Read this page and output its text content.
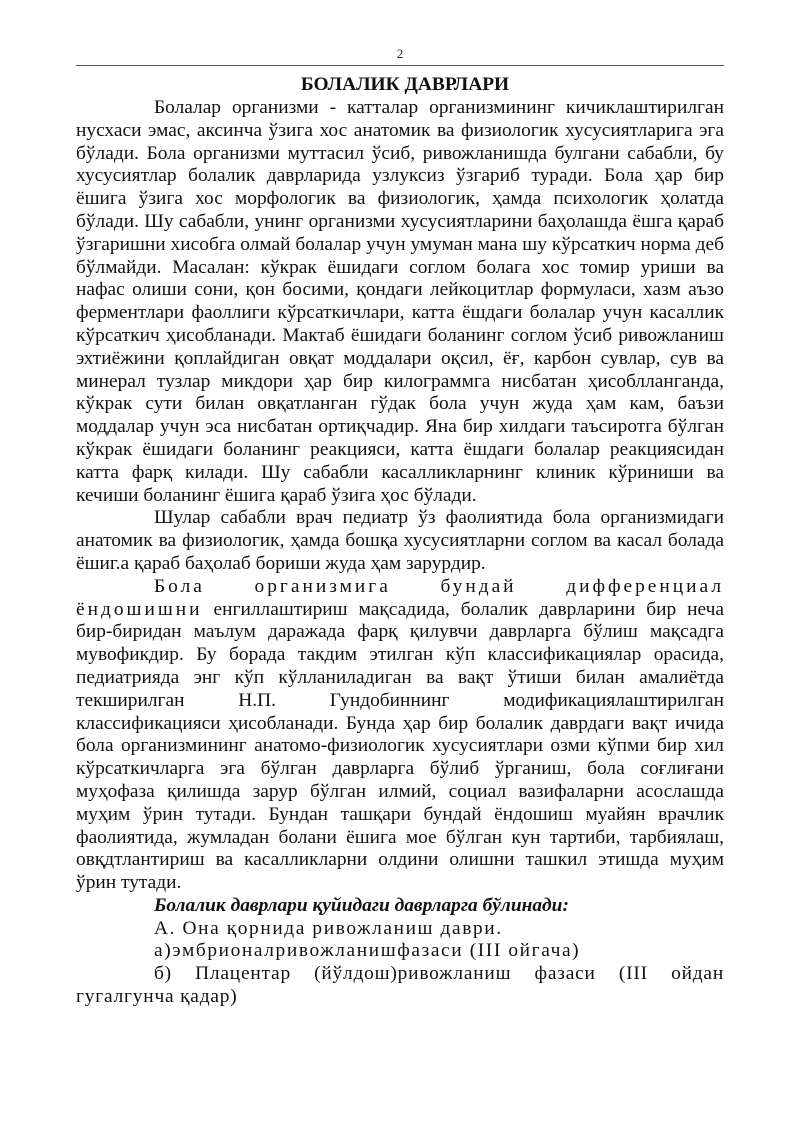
2
БОЛАЛИК ДАВРЛАРИ

Болалар организми - катталар организмининг кичиклаштирилган нусхаси эмас, аксинча ўзига хос анатомик ва физиологик хусусиятларига эга бўлади. Бола организми муттасил ўсиб, ривожланишда булгани сабабли, бу хусусиятлар болалик даврларида узлуксиз ўзгариб туради. Бола ҳар бир ёшига ўзига хос морфологик ва физиологик, ҳамда психологик ҳолатда бўлади. Шу сабабли, унинг организми хусусиятларини баҳолашда ёшга қараб ўзгаришни хисобга олмай болалар учун умуман мана шу кўрсаткич норма деб бўлмайди. Масалан: кўкрак ёшидаги соглом болага хос томир уриши ва нафас олиши сони, қон босими, қондаги лейкоцитлар формуласи, хазм аъзо ферментлари фаоллиги кўрсаткичлари, катта ёшдаги болалар учун касаллик кўрсаткич ҳисобланади. Мактаб ёшидаги боланинг соглом ўсиб ривожланиш эхтиёжини қоплайдиган овқат моддалари оқсил, ёғ, карбон сувлар, сув ва минерал тузлар микдори ҳар бир килограммга нисбатан ҳисоблланганда, кўкрак сути билан овқатланган гўдак бола учун жуда ҳам кам, баъзи моддалар учун эса нисбатан ортиқчадир. Яна бир хилдаги таъсиротга бўлган кўкрак ёшидаги боланинг реакцияси, катта ёшдаги болалар реакциясидан катта фарқ килади. Шу сабабли касалликларнинг клиник кўриниши ва кечиши боланинг ёшига қараб ўзига ҳос бўлади.

Шулар сабабли врач педиатр ўз фаолиятида бола организмидаги анатомик ва физиологик, ҳамда бошқа хусусиятларни соглом ва касал болада ёшиг.а қараб баҳолаб бориши жуда ҳам зарурдир.

Бола организмига бундай дифференциал ёндошишни енгиллаштириш мақсадида, болалик даврларини бир неча бир-биридан маълум даражада фарқ қилувчи даврларга бўлиш мақсадга мувофикдир. Бу борада такдим этилган кўп классификациялар орасида, педиатрияда энг кўп кўлланиладиган ва вақт ўтиши билан амалиётда текширилган Н.П. Гундобиннинг модификациялаштирилган классификацияси ҳисобланади. Бунда ҳар бир болалик даврдаги вақт ичида бола организмининг анатомо-физиологик хусусиятлари озми кўпми бир хил кўрсаткичларга эга бўлган даврларга бўлиб ўрганиш, бола соғлиғани муҳофаза қилишда зарур бўлган илмий, социал вазифаларни асослашда муҳим ўрин тутади. Бундан ташқари бундай ёндошиш муайян врачлик фаолиятида, жумладан болани ёшига мое бўлган кун тартиби, тарбиялаш, овқдтлантириш ва касалликларни олдини олишни ташкил этишда муҳим ўрин тутади.

Болалик даврлари қуйидаги даврларга бўлинади:

А. Она қорнида ривожланиш даври.

а)эмбрионалривожланишфазаси (III ойгача)

б) Плацентар (йўлдош)ривожланиш фазаси (III ойдан гугалгунча қадар)
